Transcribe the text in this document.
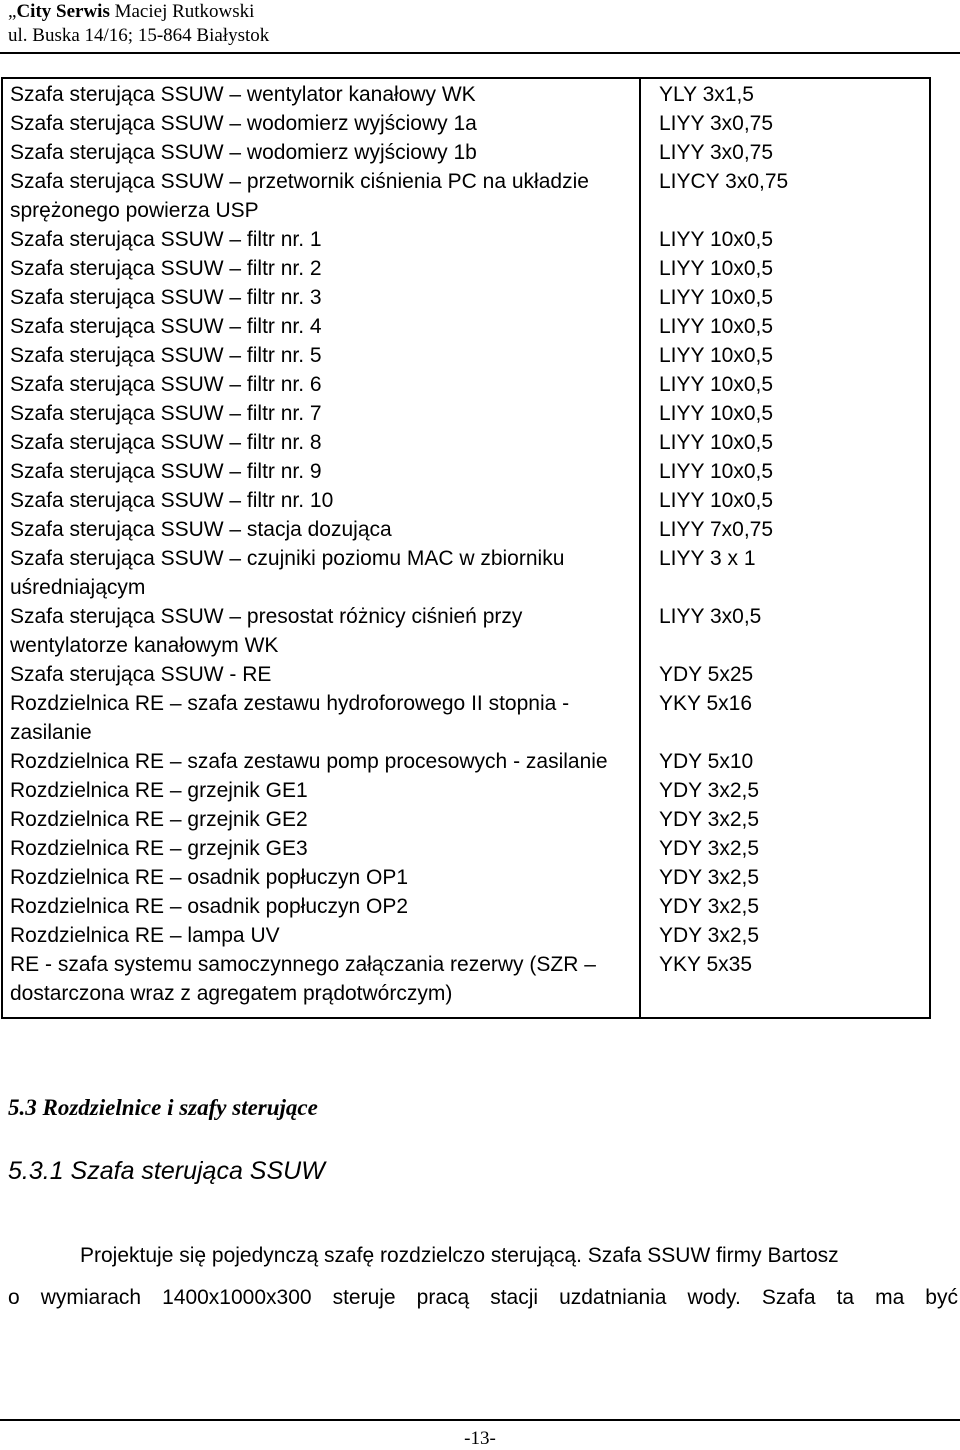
„City Serwis Maciej Rutkowski
ul. Buska 14/16; 15-864 Białystok
Szafa sterująca SSUW – wentylator kanałowy WK	YLY 3x1,5
Szafa sterująca SSUW – wodomierz wyjściowy 1a	LIYY 3x0,75
Szafa sterująca SSUW – wodomierz wyjściowy 1b	LIYY 3x0,75
Szafa sterująca SSUW – przetwornik ciśnienia PC na układzie sprężonego powierza USP	LIYCY 3x0,75
Szafa sterująca SSUW – filtr nr. 1	LIYY 10x0,5
Szafa sterująca SSUW – filtr nr. 2	LIYY 10x0,5
Szafa sterująca SSUW – filtr nr. 3	LIYY 10x0,5
Szafa sterująca SSUW – filtr nr. 4	LIYY 10x0,5
Szafa sterująca SSUW – filtr nr. 5	LIYY 10x0,5
Szafa sterująca SSUW – filtr nr. 6	LIYY 10x0,5
Szafa sterująca SSUW – filtr nr. 7	LIYY 10x0,5
Szafa sterująca SSUW – filtr nr. 8	LIYY 10x0,5
Szafa sterująca SSUW – filtr nr. 9	LIYY 10x0,5
Szafa sterująca SSUW – filtr nr. 10	LIYY 10x0,5
Szafa sterująca SSUW – stacja dozująca	LIYY 7x0,75
Szafa sterująca SSUW – czujniki poziomu MAC w zbiorniku uśredniającym	LIYY 3 x 1
Szafa sterująca SSUW – presostat różnicy ciśnień przy wentylatorze kanałowym WK	LIYY 3x0,5
Szafa sterująca SSUW - RE	YDY 5x25
Rozdzielnica RE – szafa zestawu hydroforowego II stopnia - zasilanie	YKY 5x16
Rozdzielnica RE – szafa zestawu pomp procesowych - zasilanie	YDY 5x10
Rozdzielnica RE – grzejnik GE1	YDY 3x2,5
Rozdzielnica RE – grzejnik GE2	YDY 3x2,5
Rozdzielnica RE – grzejnik GE3	YDY 3x2,5
Rozdzielnica RE – osadnik popłuczyn OP1	YDY 3x2,5
Rozdzielnica RE – osadnik popłuczyn OP2	YDY 3x2,5
Rozdzielnica RE – lampa UV	YDY 3x2,5
RE - szafa systemu samoczynnego załączania rezerwy (SZR – dostarczona wraz z agregatem prądotwórczym)	YKY 5x35
5.3 Rozdzielnice i szafy sterujące
5.3.1 Szafa sterująca SSUW
Projektuje się pojedynczą szafę rozdzielczo sterującą. Szafa SSUW firmy Bartosz
o wymiarach 1400x1000x300 steruje pracą stacji uzdatniania wody. Szafa ta ma być
-13-
